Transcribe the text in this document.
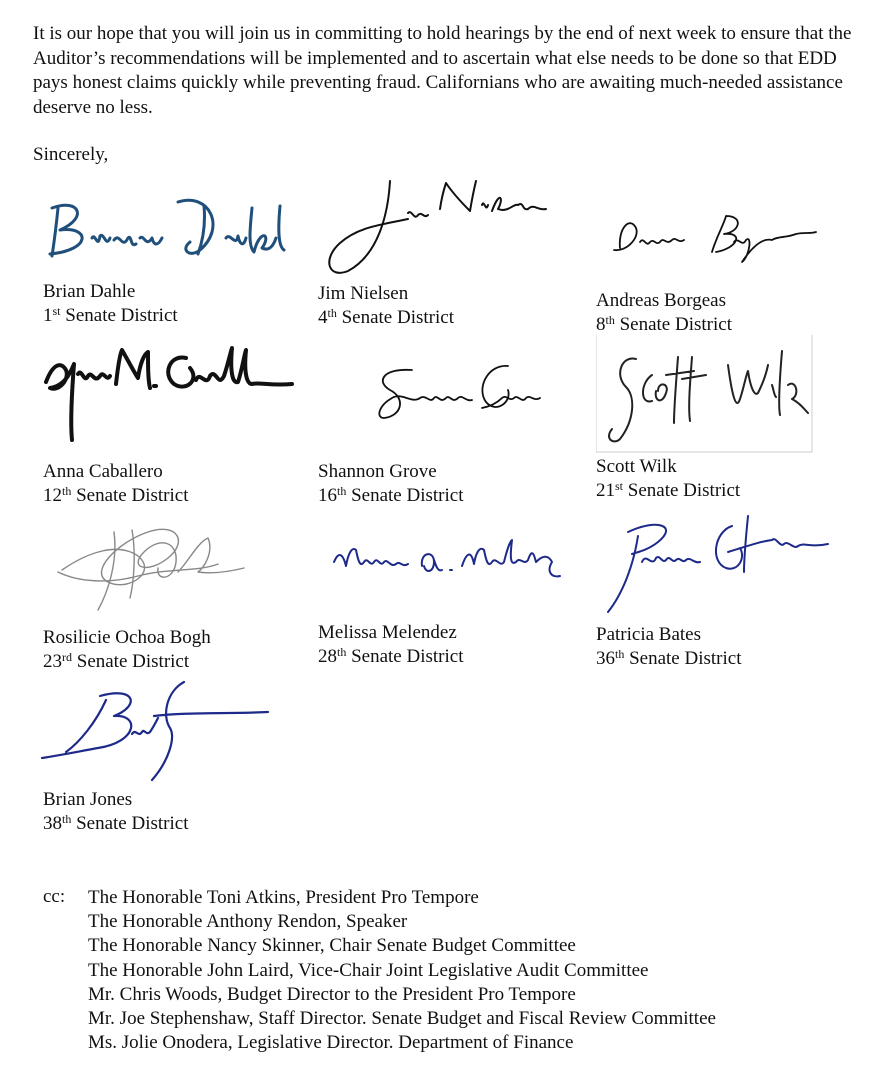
It is our hope that you will join us in committing to hold hearings by the end of next week to ensure that the Auditor’s recommendations will be implemented and to ascertain what else needs to be done so that EDD pays honest claims quickly while preventing fraud. Californians who are awaiting much-needed assistance deserve no less.

Sincerely,
Brian Dahle
1st Senate District
Jim Nielsen
4th Senate District
Andreas Borgeas
8th Senate District
Anna Caballero
12th Senate District
Shannon Grove
16th Senate District
Scott Wilk
21st Senate District
Rosilicie Ochoa Bogh
23rd Senate District
Melissa Melendez
28th Senate District
Patricia Bates
36th Senate District
Brian Jones
38th Senate District
cc: The Honorable Toni Atkins, President Pro Tempore
The Honorable Anthony Rendon, Speaker
The Honorable Nancy Skinner, Chair Senate Budget Committee
The Honorable John Laird, Vice-Chair Joint Legislative Audit Committee
Mr. Chris Woods, Budget Director to the President Pro Tempore
Mr. Joe Stephenshaw, Staff Director. Senate Budget and Fiscal Review Committee
Ms. Jolie Onodera, Legislative Director. Department of Finance
